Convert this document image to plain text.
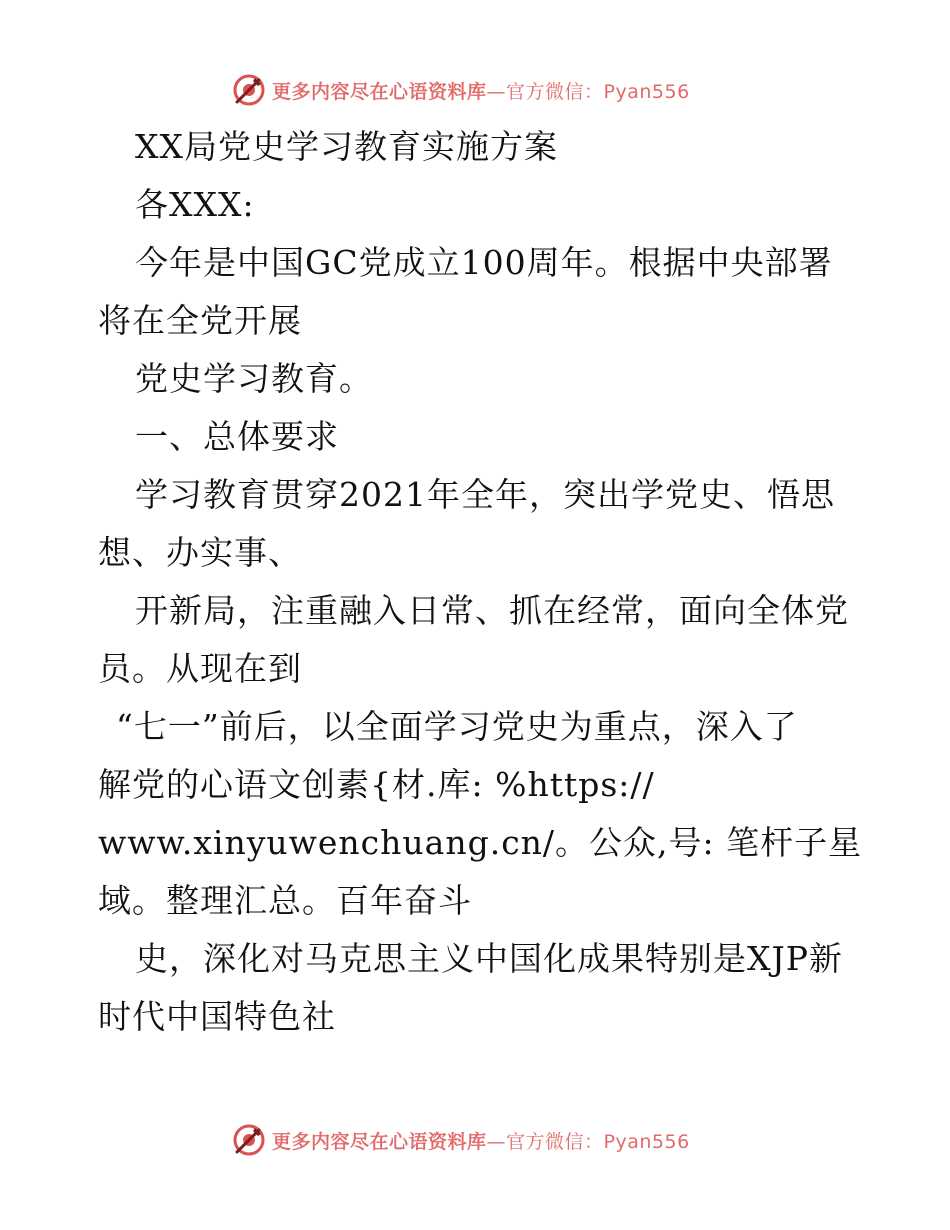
更多内容尽在心语资料库—官方微信：Pyan556
XX局党史学习教育实施方案
各XXX:
今年是中国GC党成立100周年。根据中央部署
将在全党开展
党史学习教育。
一、总体要求
学习教育贯穿2021年全年，突出学党史、悟思
想、办实事、
开新局，注重融入日常、抓在经常，面向全体党
员。从现在到
“七一”前后，以全面学习党史为重点，深入了
解党的心语文创素{材.库: %https://
www.xinyuwenchuang.cn/。公众,号: 笔杆子星
域。整理汇总。百年奋斗
史，深化对马克思主义中国化成果特别是XJP新
时代中国特色社
更多内容尽在心语资料库—官方微信：Pyan556
